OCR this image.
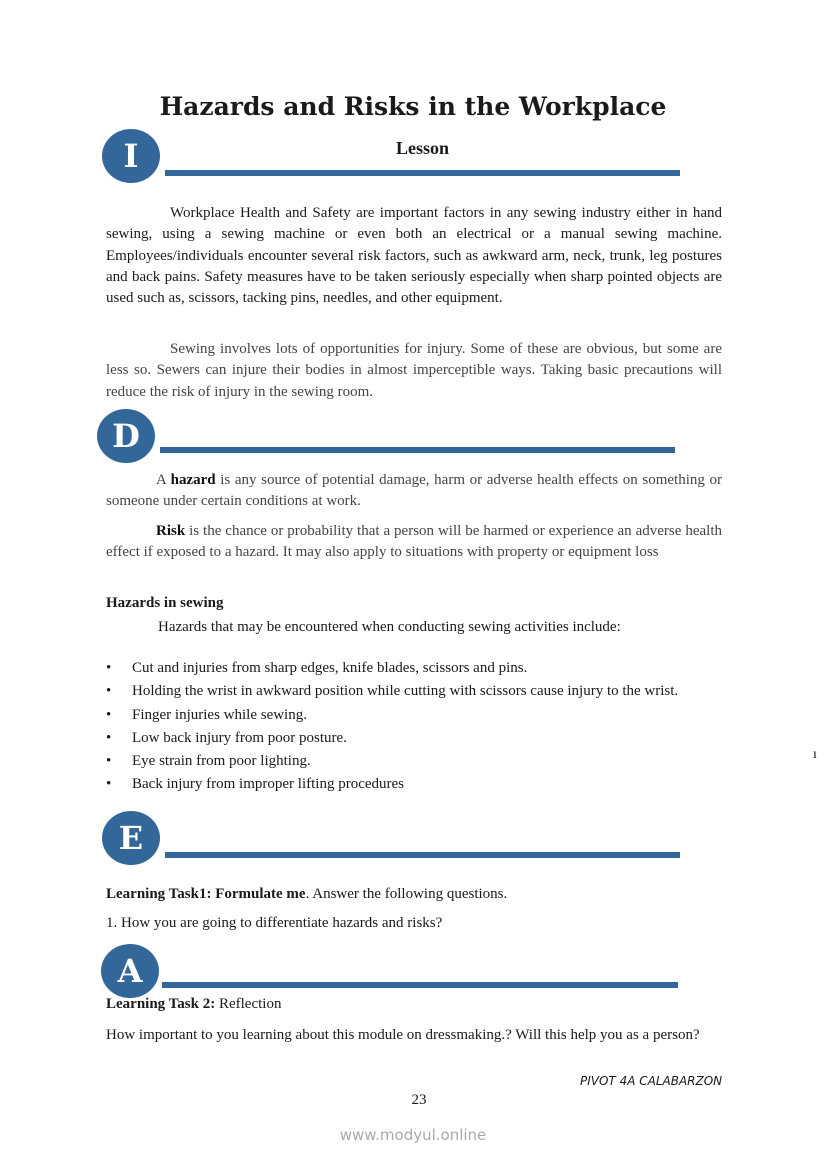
Hazards and Risks in the Workplace
I	Lesson

Workplace Health and Safety are important factors in any sewing industry either in hand sewing, using a sewing machine or even both an electrical or a manual sewing machine. Employees/individuals encounter several risk factors, such as awkward arm, neck, trunk, leg postures and back pains. Safety measures have to be taken seriously especially when sharp pointed objects are used such as, scissors, tacking pins, needles, and other equipment.

Sewing involves lots of opportunities for injury. Some of these are obvious, but some are less so. Sewers can injure their bodies in almost imperceptible ways. Taking basic precautions will reduce the risk of injury in the sewing room.

D

A hazard is any source of potential damage, harm or adverse health effects on something or someone under certain conditions at work.

Risk is the chance or probability that a person will be harmed or experience an adverse health effect if exposed to a hazard. It may also apply to situations with property or equipment loss

Hazards in sewing

Hazards that may be encountered when conducting sewing activities include:

• Cut and injuries from sharp edges, knife blades, scissors and pins.
• Holding the wrist in awkward position while cutting with scissors cause injury to the wrist.
• Finger injuries while sewing.
• Low back injury from poor posture.
• Eye strain from poor lighting.
• Back injury from improper lifting procedures
ı
E
Learning Task1: Formulate me. Answer the following questions.
1. How you are going to differentiate hazards and risks?
A
Learning Task 2: Reflection

How important to you learning about this module on dressmaking.? Will this help you as a person?

PIVOT 4A CALABARZON
23
www.modyul.online
